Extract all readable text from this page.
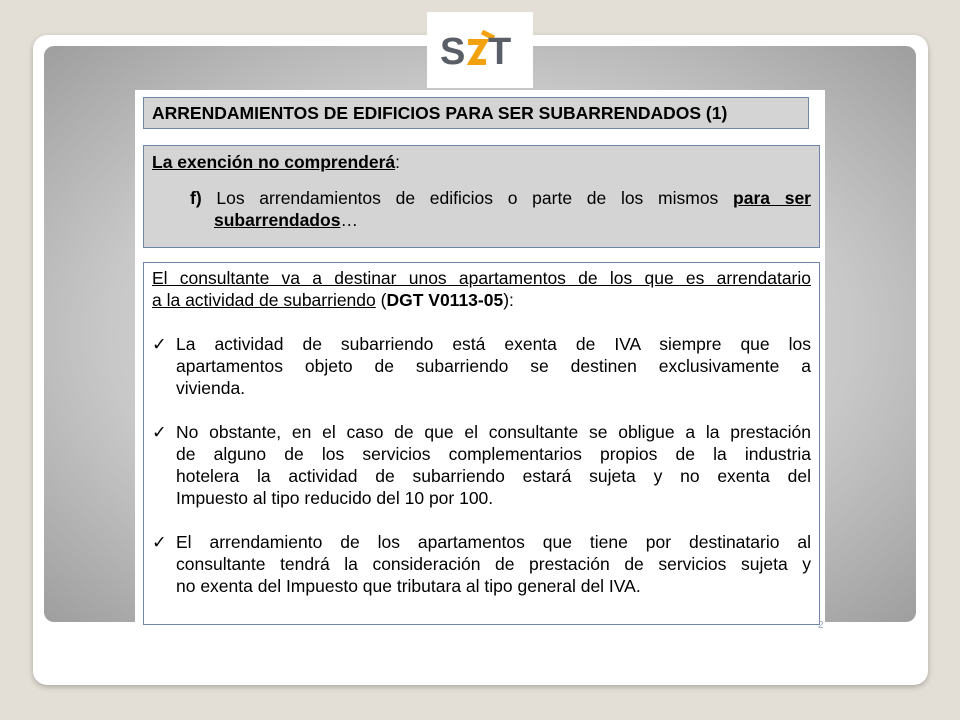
S T
ARRENDAMIENTOS DE EDIFICIOS PARA SER SUBARRENDADOS (1)
La exención no comprenderá:
f) Los arrendamientos de edificios o parte de los mismos para ser
subarrendados…

El consultante va a destinar unos apartamentos de los que es arrendatario

a la actividad de subarriendo (DGT V0113-05):

✓ La actividad de subarriendo está exenta de IVA siempre que los

apartamentos objeto de subarriendo se destinen exclusivamente a

vivienda.

✓ No obstante, en el caso de que el consultante se obligue a la prestación

de alguno de los servicios complementarios propios de la industria

hotelera la actividad de subarriendo estará sujeta y no exenta del

Impuesto al tipo reducido del 10 por 100.

✓ El arrendamiento de los apartamentos que tiene por destinatario al

consultante tendrá la consideración de prestación de servicios sujeta y

no exenta del Impuesto que tributara al tipo general del IVA.

2
